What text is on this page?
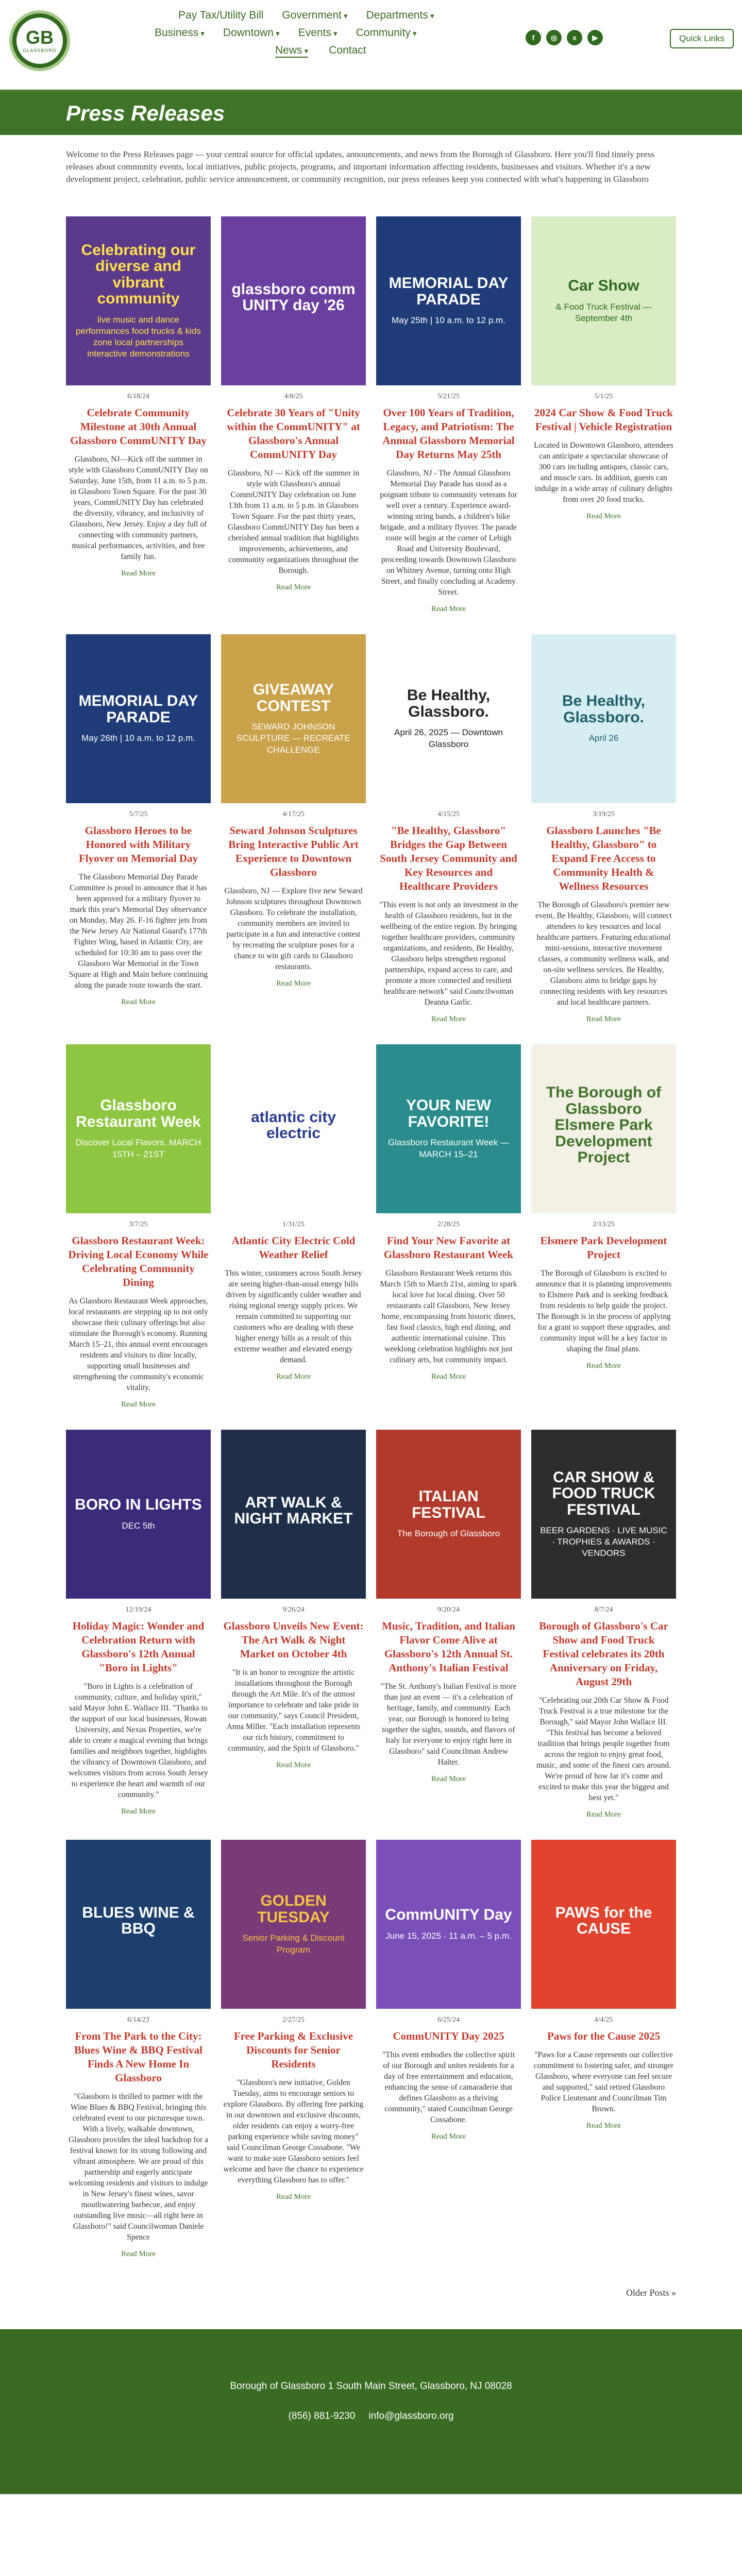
GB
GLASSBORO
Pay Tax/Utility Bill Government ▾	Departments ▾
Business ▾	Downtown ▾	Events ▾	Community ▾
News ▾	Contact
f	◎	x	▶	Quick Links
Press Releases

Welcome to the Press Releases page — your central source for official updates, announcements, and news from the Borough of Glassboro. Here you'll find timely press releases about community events, local initiatives, public projects, programs, and important information affecting residents, businesses and visitors. Whether it's a new development project, celebration, public service announcement, or community recognition, our press releases keep you connected with what's happening in Glassboro

Celebrating our diverse and vibrant community
live music and dance performances food trucks & kids zone local partnerships interactive demonstrations
6/18/24
Celebrate Community Milestone at 30th Annual Glassboro CommUNITY Day

Glassboro, NJ—Kick off the summer in style with Glassboro CommUNITY Day on Saturday, June 15th, from 11 a.m. to 5 p.m. in Glassboro Town Square. For the past 30 years, CommUNITY Day has celebrated the diversity, vibrancy, and inclusivity of Glassboro, New Jersey. Enjoy a day full of connecting with community partners, musical performances, activities, and free family fun.

Read More
glassboro comm UNITY day '26
4/8/25
Celebrate 30 Years of "Unity within the CommUNITY" at Glassboro's Annual CommUNITY Day

Glassboro, NJ — Kick off the summer in style with Glassboro's annual CommUNITY Day celebration on June 13th from 11 a.m. to 5 p.m. in Glassboro Town Square. For the past thirty years, Glassboro CommUNITY Day has been a cherished annual tradition that highlights improvements, achievements, and community organizations throughout the Borough.

Read More
MEMORIAL DAY PARADE
May 25th | 10 a.m. to 12 p.m.
5/21/25
Over 100 Years of Tradition, Legacy, and Patriotism: The Annual Glassboro Memorial Day Returns May 25th

Glassboro, NJ - The Annual Glassboro Memorial Day Parade has stood as a poignant tribute to community veterans for well over a century. Experience award-winning string bands, a children's bike brigade, and a military flyover. The parade route will begin at the corner of Lehigh Road and University Boulevard, proceeding towards Downtown Glassboro on Whitney Avenue, turning onto High Street, and finally concluding at Academy Street.

Read More
Car Show
& Food Truck Festival — September 4th
5/1/25
2024 Car Show & Food Truck Festival | Vehicle Registration

Located in Downtown Glassboro, attendees can anticipate a spectacular showcase of 300 cars including antiques, classic cars, and muscle cars. In addition, guests can indulge in a wide array of culinary delights from over 20 food trucks.

Read More
MEMORIAL DAY PARADE
May 26th | 10 a.m. to 12 p.m.
5/7/25
Glassboro Heroes to be Honored with Military Flyover on Memorial Day

The Glassboro Memorial Day Parade Committee is proud to announce that it has been approved for a military flyover to mark this year's Memorial Day observance on Monday, May 26. F-16 fighter jets from the New Jersey Air National Guard's 177th Fighter Wing, based in Atlantic City, are scheduled for 10:30 am to pass over the Glassboro War Memorial in the Town Square at High and Main before continuing along the parade route towards the start.

Read More
GIVEAWAY CONTEST
SEWARD JOHNSON SCULPTURE — RECREATE CHALLENGE
4/17/25
Seward Johnson Sculptures Bring Interactive Public Art Experience to Downtown Glassboro

Glassboro, NJ — Explore five new Seward Johnson sculptures throughout Downtown Glassboro. To celebrate the installation, community members are invited to participate in a fun and interactive contest by recreating the sculpture poses for a chance to win gift cards to Glassboro restaurants.

Read More
Be Healthy, Glassboro.
April 26, 2025 — Downtown Glassboro
4/15/25
"Be Healthy, Glassboro" Bridges the Gap Between South Jersey Community and Key Resources and Healthcare Providers

"This event is not only an investment in the health of Glassboro residents, but in the wellbeing of the entire region. By bringing together healthcare providers, community organizations, and residents, Be Healthy, Glassboro helps strengthen regional partnerships, expand access to care, and promote a more connected and resilient healthcare network" said Councilwoman Deanna Garlic.

Read More
Be Healthy, Glassboro.
April 26
3/19/25
Glassboro Launches "Be Healthy, Glassboro" to Expand Free Access to Community Health & Wellness Resources

The Borough of Glassboro's premier new event, Be Healthy, Glassboro, will connect attendees to key resources and local healthcare partners. Featuring educational mini-sessions, interactive movement classes, a community wellness walk, and on-site wellness services. Be Healthy, Glassboro aims to bridge gaps by connecting residents with key resources and local healthcare partners.

Read More
Glassboro Restaurant Week
Discover Local Flavors. MARCH 15TH – 21ST
3/7/25
Glassboro Restaurant Week: Driving Local Economy While Celebrating Community Dining

As Glassboro Restaurant Week approaches, local restaurants are stepping up to not only showcase their culinary offerings but also stimulate the Borough's economy. Running March 15–21, this annual event encourages residents and visitors to dine locally, supporting small businesses and strengthening the community's economic vitality.

Read More
atlantic city electric
1/31/25
Atlantic City Electric Cold Weather Relief

This winter, customers across South Jersey are seeing higher-than-usual energy bills driven by significantly colder weather and rising regional energy supply prices. We remain committed to supporting our customers who are dealing with these higher energy bills as a result of this extreme weather and elevated energy demand.

Read More
YOUR NEW FAVORITE!
Glassboro Restaurant Week — MARCH 15–21
2/28/25
Find Your New Favorite at Glassboro Restaurant Week

Glassboro Restaurant Week returns this March 15th to March 21st, aiming to spark local love for local dining. Over 50 restaurants call Glassboro, New Jersey home, encompassing from historic diners, fast food classics, high end dining, and authentic international cuisine. This weeklong celebration highlights not just culinary arts, but community impact.

Read More
The Borough of Glassboro Elsmere Park Development Project
2/13/25
Elsmere Park Development Project

The Borough of Glassboro is excited to announce that it is planning improvements to Elsmere Park and is seeking feedback from residents to help guide the project. The Borough is in the process of applying for a grant to support these upgrades, and community input will be a key factor in shaping the final plans.

Read More
BORO IN LIGHTS
DEC 5th
12/19/24
Holiday Magic: Wonder and Celebration Return with Glassboro's 12th Annual "Boro in Lights"

"Boro in Lights is a celebration of community, culture, and holiday spirit," said Mayor John E. Wallace III. "Thanks to the support of our local businesses, Rowan University, and Nexus Properties, we're able to create a magical evening that brings families and neighbors together, highlights the vibrancy of Downtown Glassboro, and welcomes visitors from across South Jersey to experience the heart and warmth of our community."

Read More
ART WALK & NIGHT MARKET
9/26/24
Glassboro Unveils New Event: The Art Walk & Night Market on October 4th

"It is an honor to recognize the artistic installations throughout the Borough through the Art Mile. It's of the utmost importance to celebrate and take pride in our community," says Council President, Anna Miller. "Each installation represents our rich history, commitment to community, and the Spirit of Glassboro."

Read More
ITALIAN FESTIVAL
The Borough of Glassboro
9/20/24
Music, Tradition, and Italian Flavor Come Alive at Glassboro's 12th Annual St. Anthony's Italian Festival

"The St. Anthony's Italian Festival is more than just an event — it's a celebration of heritage, family, and community. Each year, our Borough is honored to bring together the sights, sounds, and flavors of Italy for everyone to enjoy right here in Glassboro" said Councilman Andrew Halter.

Read More
CAR SHOW & FOOD TRUCK FESTIVAL
BEER GARDENS · LIVE MUSIC · TROPHIES & AWARDS · VENDORS
8/7/24
Borough of Glassboro's Car Show and Food Truck Festival celebrates its 20th Anniversary on Friday, August 29th

"Celebrating our 20th Car Show & Food Truck Festival is a true milestone for the Borough," said Mayor John Wallace III. "This festival has become a beloved tradition that brings people together from across the region to enjoy great food, music, and some of the finest cars around. We're proud of how far it's come and excited to make this year the biggest and best yet."

Read More
BLUES WINE & BBQ
6/14/23
From The Park to the City: Blues Wine & BBQ Festival Finds A New Home In Glassboro

"Glassboro is thrilled to partner with the Wine Blues & BBQ Festival, bringing this celebrated event to our picturesque town. With a lively, walkable downtown, Glassboro provides the ideal backdrop for a festival known for its strong following and vibrant atmosphere. We are proud of this partnership and eagerly anticipate welcoming residents and visitors to indulge in New Jersey's finest wines, savor mouthwatering barbecue, and enjoy outstanding live music—all right here in Glassboro!" said Councilwoman Daniele Spence

Read More
GOLDEN TUESDAY
Senior Parking & Discount Program
2/27/25
Free Parking & Exclusive Discounts for Senior Residents

"Glassboro's new initiative, Golden Tuesday, aims to encourage seniors to explore Glassboro. By offering free parking in our downtown and exclusive discounts, older residents can enjoy a worry-free parking experience while saving money" said Councilman George Cossabone. "We want to make sure Glassboro seniors feel welcome and have the chance to experience everything Glassboro has to offer."

Read More
CommUNITY Day
June 15, 2025 · 11 a.m. – 5 p.m.
6/25/24
CommUNITY Day 2025

"This event embodies the collective spirit of our Borough and unites residents for a day of free entertainment and education, enhancing the sense of camaraderie that defines Glassboro as a thriving community," stated Councilman George Cossabone.

Read More
PAWS for the CAUSE
4/4/25
Paws for the Cause 2025

"Paws for a Cause represents our collective commitment to fostering safer, and stronger Glassboro, where everyone can feel secure and supported," said retired Glassboro Police Lieutenant and Councilman Tim Brown.

Read More
Older Posts »
Borough of Glassboro 1 South Main Street, Glassboro, NJ 08028
(856) 881-9230 info@glassboro.org
